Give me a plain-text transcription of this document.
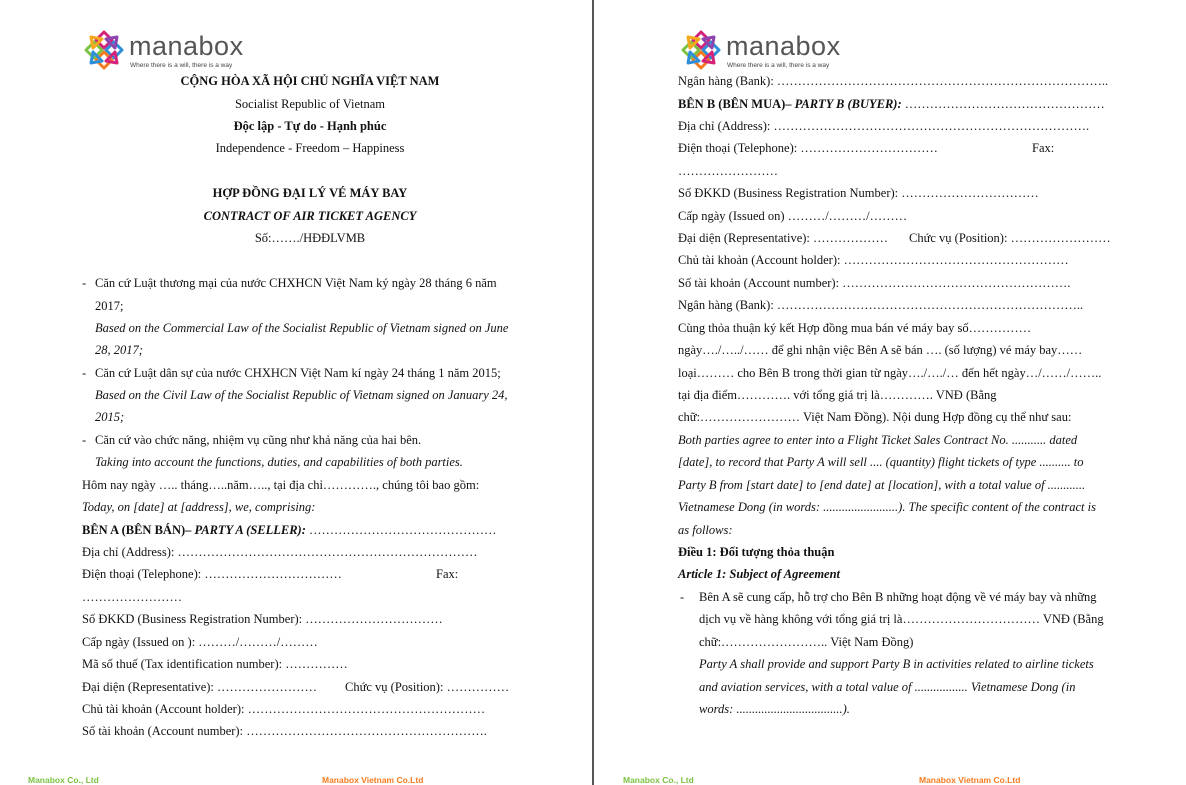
manabox
Where there is a will, there is a way
CỘNG HÒA XÃ HỘI CHỦ NGHĨA VIỆT NAM
Socialist Republic of Vietnam
Độc lập - Tự do - Hạnh phúc
Independence - Freedom – Happiness
HỢP ĐỒNG ĐẠI LÝ VÉ MÁY BAY
CONTRACT OF AIR TICKET AGENCY
Số:……./HĐĐLVMB
- Căn cứ Luật thương mại của nước CHXHCN Việt Nam ký ngày 28 tháng 6 năm
2017;
Based on the Commercial Law of the Socialist Republic of Vietnam signed on June
28, 2017;
- Căn cứ Luật dân sự của nước CHXHCN Việt Nam kí ngày 24 tháng 1 năm 2015;
Based on the Civil Law of the Socialist Republic of Vietnam signed on January 24,
2015;
- Căn cứ vào chức năng, nhiệm vụ cũng như khả năng của hai bên.
Taking into account the functions, duties, and capabilities of both parties.
Hôm nay ngày ….. tháng…..năm….., tại địa chỉ…………., chúng tôi bao gồm:
Today, on [date] at [address], we, comprising:
BÊN A (BÊN BÁN)– PARTY A (SELLER): ………………………………………
Địa chỉ (Address): ………………………………………………………………
Điện thoại (Telephone): ……………………………	Fax:
……………………
Số ĐKKD (Business Registration Number): ……………………………
Cấp ngày (Issued on ): ………/………/………
Mã số thuế (Tax identification number): ……………
Đại diện (Representative): …………………… Chức vụ (Position): ……………
Chủ tài khoản (Account holder): …………………………………………………
Số tài khoản (Account number): ………………………………………………….
Manabox Co., Ltd	Manabox Vietnam Co.Ltd
manabox
Where there is a will, there is a way
Ngân hàng (Bank): ……………………………………………………………………..
BÊN B (BÊN MUA)– PARTY B (BUYER): …………………………………………
Địa chỉ (Address): ………………………………………………………………….
Điện thoại (Telephone): ……………………………	Fax:
……………………
Số ĐKKD (Business Registration Number): ……………………………
Cấp ngày (Issued on) ………/………/………
Đại diện (Representative): ……………… Chức vụ (Position): ……………………
Chủ tài khoản (Account holder): ………………………………………………
Số tài khoản (Account number): ……………………………………………….
Ngân hàng (Bank): ………………………………………………………………..
Cùng thỏa thuận ký kết Hợp đồng mua bán vé máy bay số……………
ngày…./…../…… để ghi nhận việc Bên A sẽ bán …. (số lượng) vé máy bay……
loại……… cho Bên B trong thời gian từ ngày…./…./… đến hết ngày…/……/……..
tại địa điểm…………. với tổng giá trị là…………. VNĐ (Bằng
chữ:…………………… Việt Nam Đồng). Nội dung Hợp đồng cụ thể như sau:
Both parties agree to enter into a Flight Ticket Sales Contract No. ........... dated
[date], to record that Party A will sell .... (quantity) flight tickets of type .......... to
Party B from [start date] to [end date] at [location], with a total value of ............
Vietnamese Dong (in words: ........................). The specific content of the contract is
as follows:
Điều 1: Đối tượng thỏa thuận
Article 1: Subject of Agreement
- Bên A sẽ cung cấp, hỗ trợ cho Bên B những hoạt động về vé máy bay và những
dịch vụ về hàng không với tổng giá trị là…………………………… VNĐ (Bằng
chữ:…………………….. Việt Nam Đồng)
Party A shall provide and support Party B in activities related to airline tickets
and aviation services, with a total value of ................. Vietnamese Dong (in
words: ..................................).
Manabox Co., Ltd	Manabox Vietnam Co.Ltd
